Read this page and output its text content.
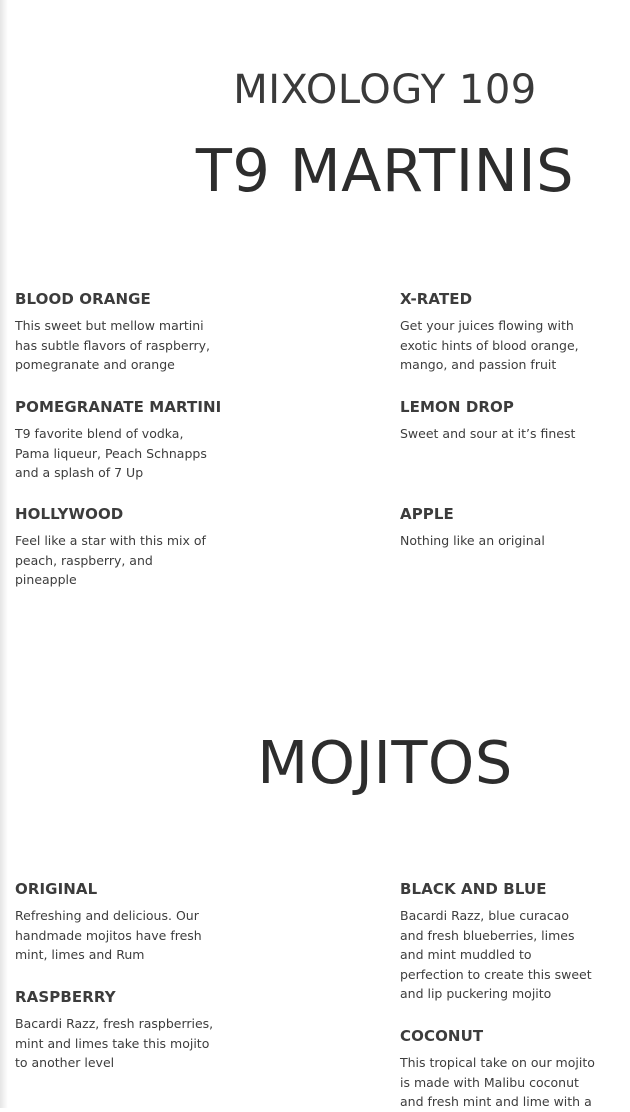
MIXOLOGY 109
T9 MARTINIS
BLOOD ORANGE

This sweet but mellow martini has subtle flavors of raspberry, pomegranate and orange

X-RATED

Get your juices flowing with exotic hints of blood orange, mango, and passion fruit

POMEGRANATE MARTINI

T9 favorite blend of vodka, Pama liqueur, Peach Schnapps and a splash of 7 Up

LEMON DROP

Sweet and sour at it’s finest

HOLLYWOOD

Feel like a star with this mix of peach, raspberry, and pineapple

APPLE

Nothing like an original

MOJITOS
ORIGINAL

Refreshing and delicious. Our handmade mojitos have fresh mint, limes and Rum

BLACK AND BLUE

Bacardi Razz, blue curacao and fresh blueberries, limes and mint muddled to perfection to create this sweet and lip puckering mojito

RASPBERRY

Bacardi Razz, fresh raspberries, mint and limes take this mojito to another level

COCONUT

This tropical take on our mojito is made with Malibu coconut and fresh mint and lime with a
